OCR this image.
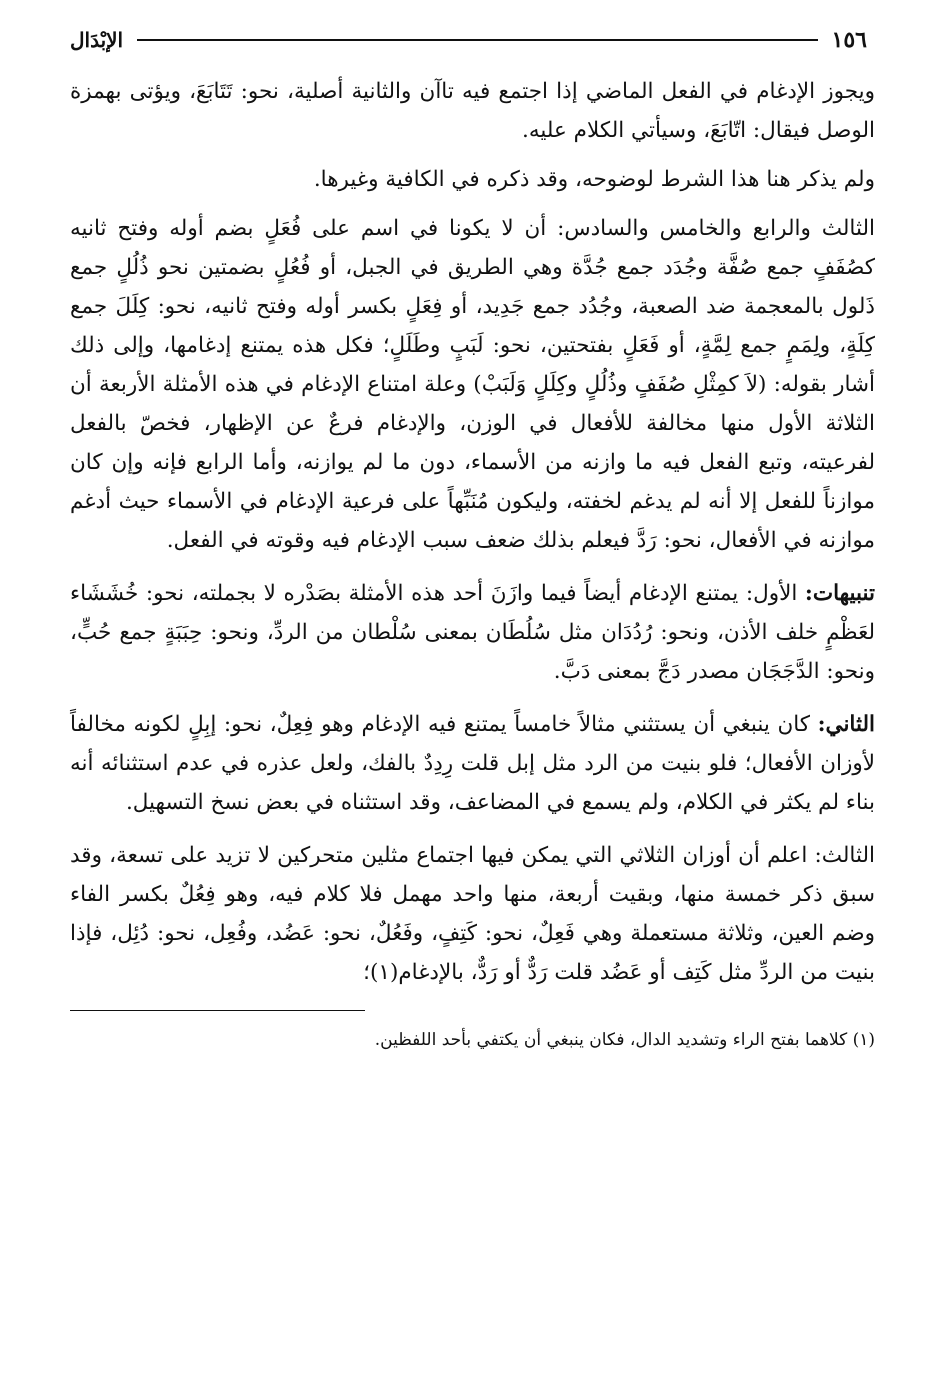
١٥٦
الإبْدَال

ويجوز الإدغام في الفعل الماضي إذا اجتمع فيه تاآن والثانية أصلية، نحو: تَتَابَعَ، ويؤتى بهمزة الوصل فيقال: اتّابَعَ، وسيأتي الكلام عليه.

ولم يذكر هنا هذا الشرط لوضوحه، وقد ذكره في الكافية وغيرها.

الثالث والرابع والخامس والسادس: أن لا يكونا في اسم على فُعَلٍ بضم أوله وفتح ثانيه كصُفَفٍ جمع صُفَّة وجُدَد جمع جُدَّة وهي الطريق في الجبل، أو فُعُلٍ بضمتين نحو ذُلُلٍ جمع ذَلول بالمعجمة ضد الصعبة، وجُدُد جمع جَدِيد، أو فِعَلٍ بكسر أوله وفتح ثانيه، نحو: كِلَلَ جمع كِلَةٍ، ولِمَمٍ جمع لِمَّةٍ، أو فَعَلٍ بفتحتين، نحو: لَبَبٍ وطَلَلٍ؛ فكل هذه يمتنع إدغامها، وإلى ذلك أشار بقوله: (لاَ كمِثْلِ صُفَفٍ وذُلُلٍ وكِلَلٍ وَلَبَبْ) وعلة امتناع الإدغام في هذه الأمثلة الأربعة أن الثلاثة الأول منها مخالفة للأفعال في الوزن، والإدغام فرعٌ عن الإظهار، فخصّ بالفعل لفرعيته، وتبع الفعل فيه ما وازنه من الأسماء، دون ما لم يوازنه، وأما الرابع فإنه وإن كان موازناً للفعل إلا أنه لم يدغم لخفته، وليكون مُنَبِّهاً على فرعية الإدغام في الأسماء حيث أدغم موازنه في الأفعال، نحو: رَدَّ فيعلم بذلك ضعف سبب الإدغام فيه وقوته في الفعل.

تنبيهات: الأول: يمتنع الإدغام أيضاً فيما وازَنَ أحد هذه الأمثلة بصَدْره لا بجملته، نحو: خُشَشَاء لعَظْمٍ خلف الأذن، ونحو: رُدُدَان مثل سُلُطَان بمعنى سُلْطان من الردِّ، ونحو: حِبَبَةٍ جمع حُبٍّ، ونحو: الدَّجَجَان مصدر دَجَّ بمعنى دَبَّ.

الثاني: كان ينبغي أن يستثني مثالاً خامساً يمتنع فيه الإدغام وهو فِعِلٌ، نحو: إبِلٍ لكونه مخالفاً لأوزان الأفعال؛ فلو بنيت من الرد مثل إبل قلت رِدِدٌ بالفك، ولعل عذره في عدم استثنائه أنه بناء لم يكثر في الكلام، ولم يسمع في المضاعف، وقد استثناه في بعض نسخ التسهيل.

الثالث: اعلم أن أوزان الثلاثي التي يمكن فيها اجتماع مثلين متحركين لا تزيد على تسعة، وقد سبق ذكر خمسة منها، وبقيت أربعة، منها واحد مهمل فلا كلام فيه، وهو فِعُلٌ بكسر الفاء وضم العين، وثلاثة مستعملة وهي فَعِلٌ، نحو: كَتِفٍ، وفَعُلٌ، نحو: عَضُد، وفُعِل، نحو: دُئِل، فإذا بنيت من الردِّ مثل كَتِف أو عَضُد قلت رَدٌّ أو رَدٌّ، بالإدغام(١)؛

(١) كلاهما بفتح الراء وتشديد الدال، فكان ينبغي أن يكتفي بأحد اللفظين.
